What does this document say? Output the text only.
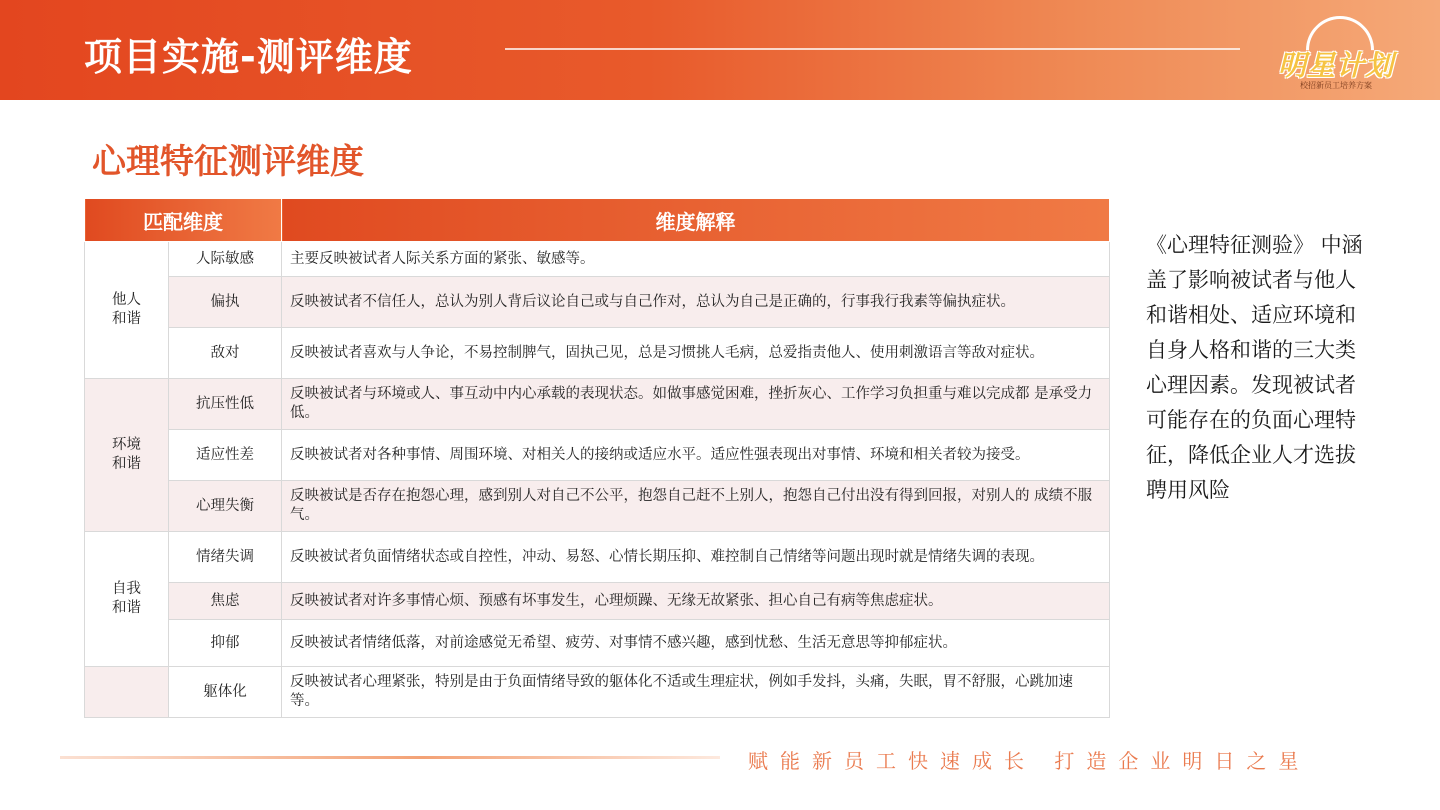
项目实施-测评维度	明星计划
校招新员工培养方案
心理特征测评维度
匹配维度		维度解释
他人和谐	人际敏感	主要反映被试者人际关系方面的紧张、敏感等。
	偏执	反映被试者不信任人，总认为别人背后议论自己或与自己作对，总认为自己是正确的，行事我行我素等偏执症状。
	敌对	反映被试者喜欢与人争论，不易控制脾气，固执己见，总是习惯挑人毛病，总爱指责他人、使用刺激语言等敌对症状。
环境和谐	抗压性低	反映被试者与环境或人、事互动中内心承载的表现状态。如做事感觉困难，挫折灰心、工作学习负担重与难以完成都 是承受力低。
	适应性差	反映被试者对各种事情、周围环境、对相关人的接纳或适应水平。适应性强表现出对事情、环境和相关者较为接受。
	心理失衡	反映被试是否存在抱怨心理，感到别人对自己不公平，抱怨自己赶不上别人，抱怨自己付出没有得到回报，对别人的 成绩不服气。
自我和谐	情绪失调	反映被试者负面情绪状态或自控性，冲动、易怒、心情长期压抑、难控制自己情绪等问题出现时就是情绪失调的表现。
	焦虑	反映被试者对许多事情心烦、预感有坏事发生，心理烦躁、无缘无故紧张、担心自己有病等焦虑症状。
	抑郁	反映被试者情绪低落，对前途感觉无希望、疲劳、对事情不感兴趣，感到忧愁、生活无意思等抑郁症状。
	躯体化	反映被试者心理紧张，特别是由于负面情绪导致的躯体化不适或生理症状，例如手发抖，头痛，失眠，胃不舒服，心跳加速等。
《心理特征测验》 中涵盖了影响被试者与他人和谐相处、适应环境和自身人格和谐的三大类心理因素。发现被试者可能存在的负面心理特征，降低企业人才选拔聘用风险
赋能新员工快速成长 打造企业明日之星
